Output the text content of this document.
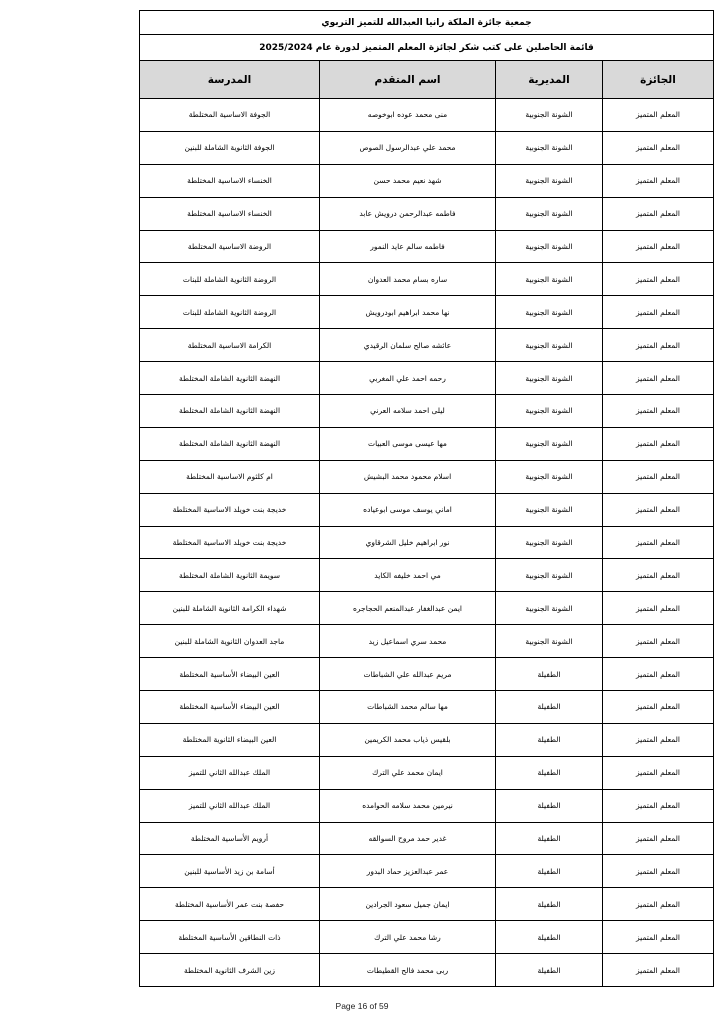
جمعية جائزة الملكة رانيا العبدالله للتميز التربوي			
قائمة الحاصلين على كتب شكر لجائزة المعلم المتميز لدورة عام 2025/2024			
الجائزة	المديرية	اسم المتقدم	المدرسة
المعلم المتميز	الشونة الجنوبية	منى محمد عوده ابوخوصه	الجوفة الاساسية المختلطة
المعلم المتميز	الشونة الجنوبية	محمد علي عبدالرسول الصوص	الجوفة الثانوية الشاملة للبنين
المعلم المتميز	الشونة الجنوبية	شهد نعيم محمد حسن	الخنساء الاساسية المختلطة
المعلم المتميز	الشونة الجنوبية	فاطمه عبدالرحمن درويش عابد	الخنساء الاساسية المختلطة
المعلم المتميز	الشونة الجنوبية	فاطمه سالم عايد النمور	الروضة الاساسية المختلطة
المعلم المتميز	الشونة الجنوبية	ساره بسام محمد العدوان	الروضة الثانوية الشاملة للبنات
المعلم المتميز	الشونة الجنوبية	نها محمد ابراهيم ابودرويش	الروضة الثانوية الشاملة للبنات
المعلم المتميز	الشونة الجنوبية	عائشه صالح سلمان الرقيدي	الكرامة الاساسية المختلطة
المعلم المتميز	الشونة الجنوبية	رحمه احمد علي المغربي	النهضة الثانوية الشاملة المختلطة
المعلم المتميز	الشونة الجنوبية	ليلى احمد سلامه العرني	النهضة الثانوية الشاملة المختلطة
المعلم المتميز	الشونة الجنوبية	مها عيسى موسى العبيات	النهضة الثانوية الشاملة المختلطة
المعلم المتميز	الشونة الجنوبية	اسلام محمود محمد البشيش	ام كلثوم الاساسية المختلطة
المعلم المتميز	الشونة الجنوبية	اماني يوسف موسى ابوعياده	خديجة بنت خويلد الاساسية المختلطة
المعلم المتميز	الشونة الجنوبية	نور ابراهيم خليل الشرقاوي	خديجة بنت خويلد الاساسية المختلطة
المعلم المتميز	الشونة الجنوبية	مي احمد خليفه الكايد	سويمة الثانوية الشاملة المختلطة
المعلم المتميز	الشونة الجنوبية	ايمن عبدالغفار عبدالمنعم الحجاجره	شهداء الكرامة الثانوية الشاملة للبنين
المعلم المتميز	الشونة الجنوبية	محمد سري اسماعيل زيد	ماجد العدوان الثانوية الشاملة للبنين
المعلم المتميز	الطفيلة	مريم عبدالله علي الشباطات	العين البيضاء الأساسية المختلطة
المعلم المتميز	الطفيلة	مها سالم محمد الشباطات	العين البيضاء الأساسية المختلطة
المعلم المتميز	الطفيلة	بلقيس ذياب محمد الكريمين	العين البيضاء الثانوية المختلطة
المعلم المتميز	الطفيلة	ايمان محمد علي الترك	الملك عبدالله الثاني للتميز
المعلم المتميز	الطفيلة	نيرمين محمد سلامه الحوامده	الملك عبدالله الثاني للتميز
المعلم المتميز	الطفيلة	غدير حمد مروح السوالقه	أرويم الأساسية المختلطة
المعلم المتميز	الطفيلة	عمر عبدالعزيز حماد البدور	أسامة بن زيد الأساسية للبنين
المعلم المتميز	الطفيلة	ايمان جميل سعود الجرادين	حفصة بنت عمر الأساسية المختلطة
المعلم المتميز	الطفيلة	رشا محمد علي الترك	ذات النطاقين الأساسية المختلطة
المعلم المتميز	الطفيلة	ربى محمد فالح القطيطات	زين الشرف الثانوية المختلطة
Page 16 of 59
